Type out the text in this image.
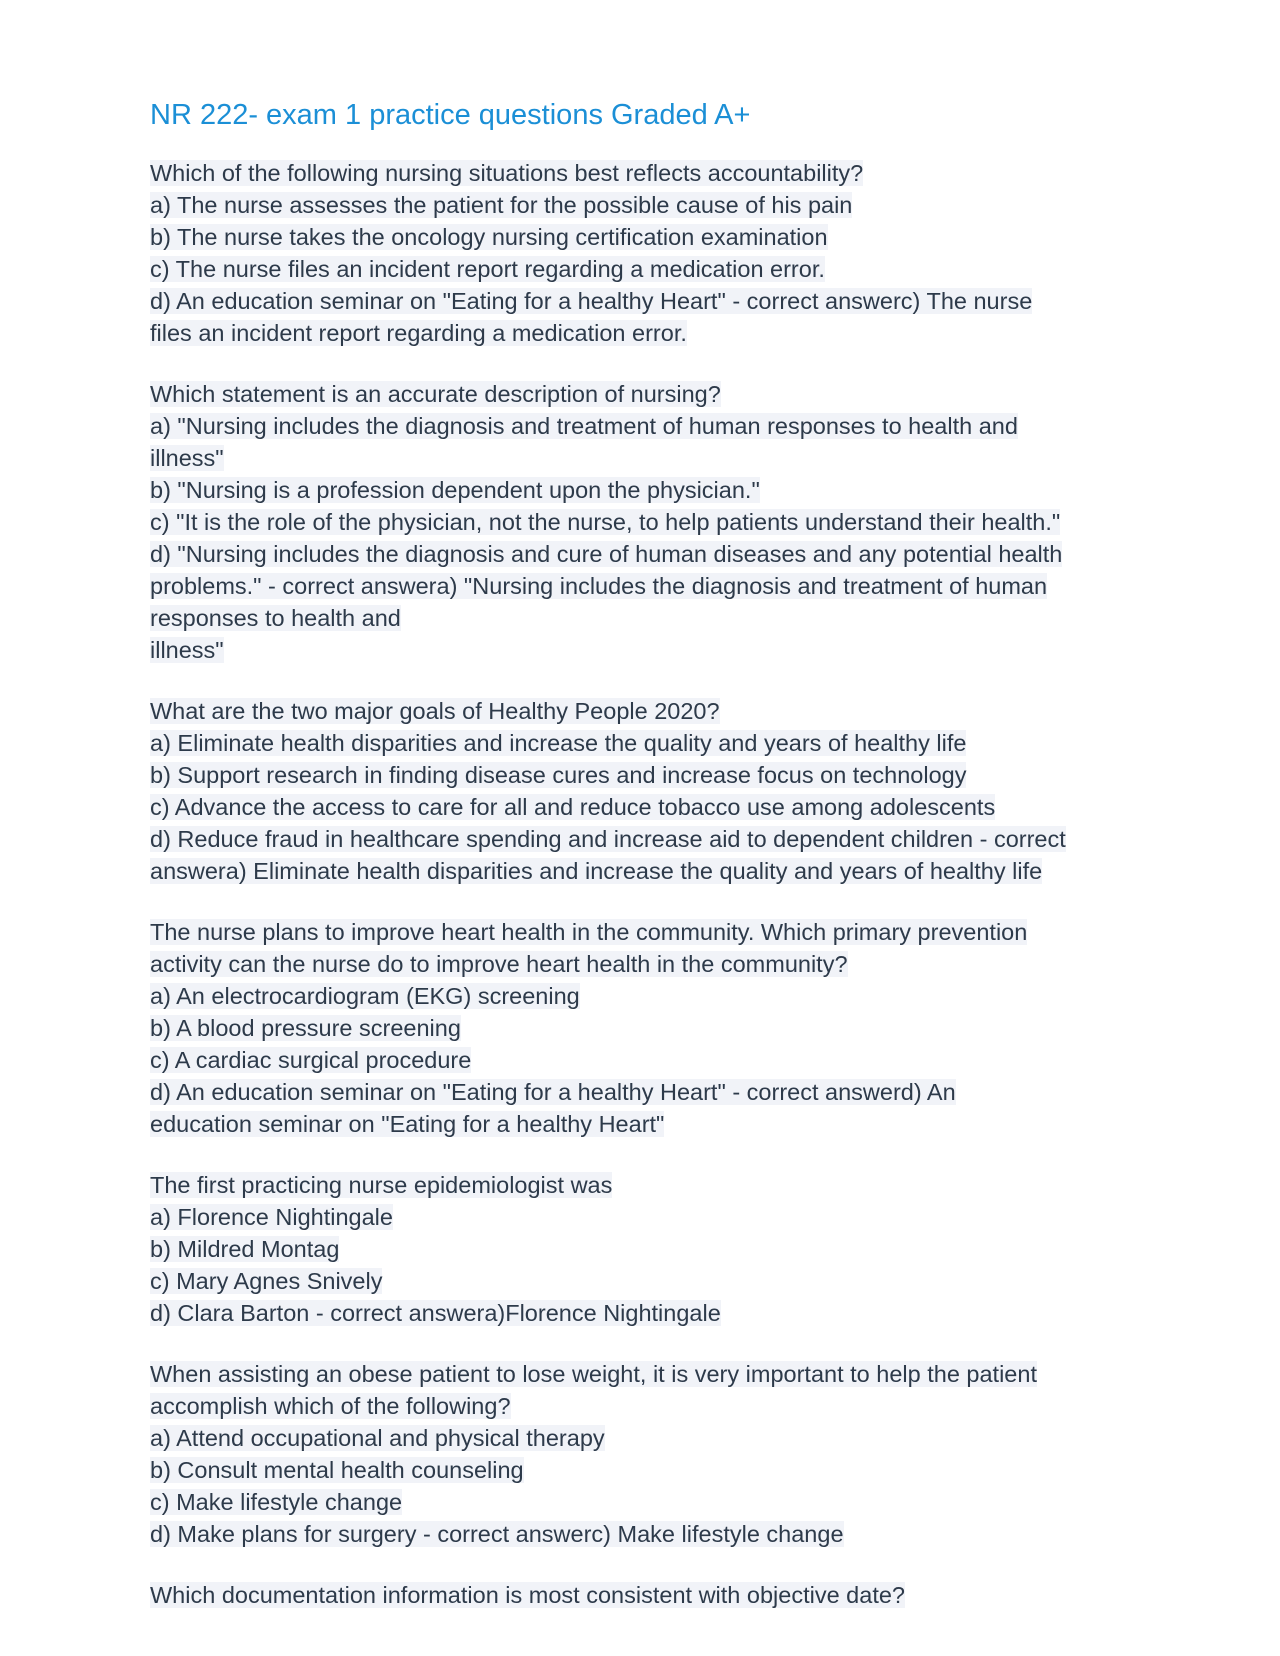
NR 222- exam 1 practice questions Graded A+
Which of the following nursing situations best reflects accountability?
a) The nurse assesses the patient for the possible cause of his pain
b) The nurse takes the oncology nursing certification examination
c) The nurse files an incident report regarding a medication error.
d) An education seminar on "Eating for a healthy Heart" - correct answerc) The nurse
files an incident report regarding a medication error.
Which statement is an accurate description of nursing?
a) "Nursing includes the diagnosis and treatment of human responses to health and
illness"
b) "Nursing is a profession dependent upon the physician."
c) "It is the role of the physician, not the nurse, to help patients understand their health."
d) "Nursing includes the diagnosis and cure of human diseases and any potential health
problems." - correct answera) "Nursing includes the diagnosis and treatment of human
responses to health and
illness"
What are the two major goals of Healthy People 2020?
a) Eliminate health disparities and increase the quality and years of healthy life
b) Support research in finding disease cures and increase focus on technology
c) Advance the access to care for all and reduce tobacco use among adolescents
d) Reduce fraud in healthcare spending and increase aid to dependent children - correct
answera) Eliminate health disparities and increase the quality and years of healthy life
The nurse plans to improve heart health in the community. Which primary prevention
activity can the nurse do to improve heart health in the community?
a) An electrocardiogram (EKG) screening
b) A blood pressure screening
c) A cardiac surgical procedure
d) An education seminar on "Eating for a healthy Heart" - correct answerd) An
education seminar on "Eating for a healthy Heart"
The first practicing nurse epidemiologist was
a) Florence Nightingale
b) Mildred Montag
c) Mary Agnes Snively
d) Clara Barton - correct answera)Florence Nightingale
When assisting an obese patient to lose weight, it is very important to help the patient
accomplish which of the following?
a) Attend occupational and physical therapy
b) Consult mental health counseling
c) Make lifestyle change
d) Make plans for surgery - correct answerc) Make lifestyle change
Which documentation information is most consistent with objective date?
